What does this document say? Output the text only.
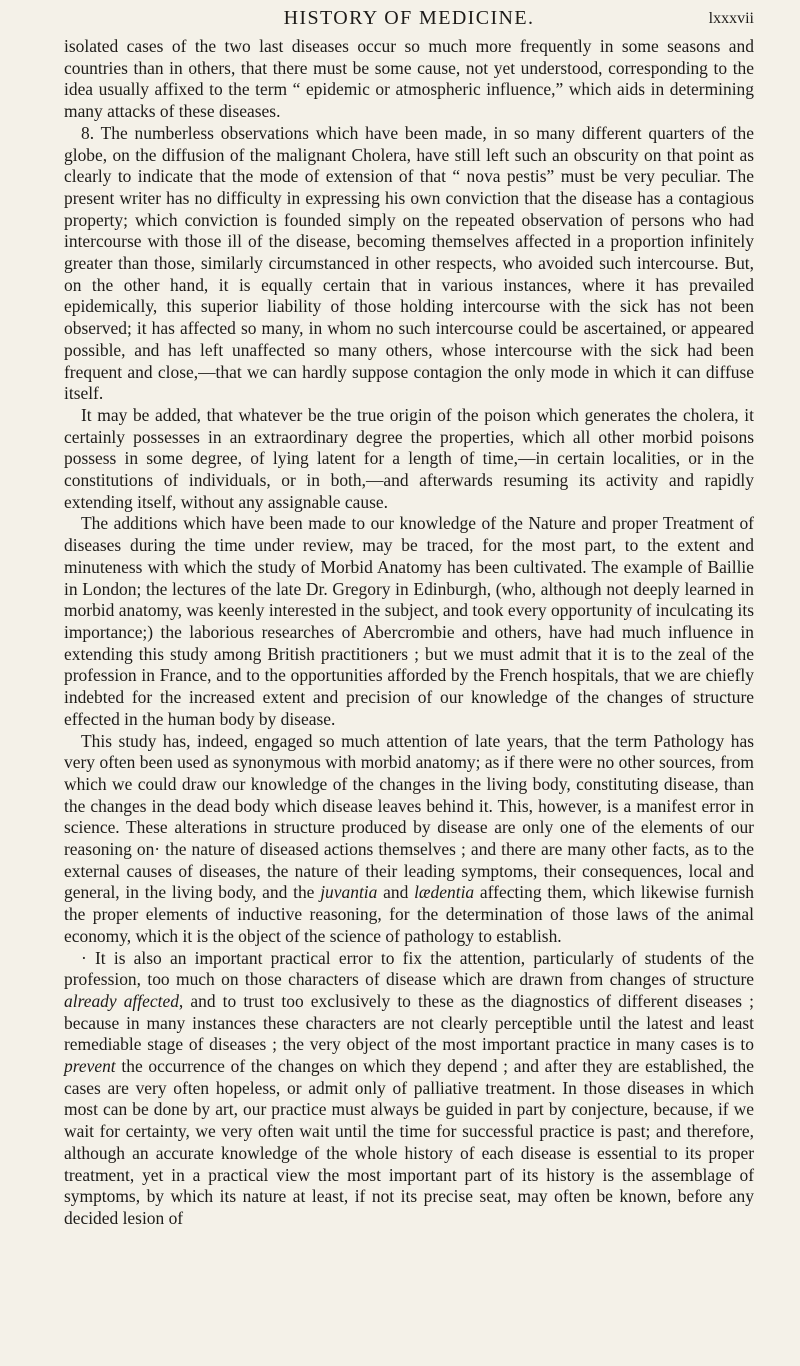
HISTORY OF MEDICINE.	lxxxvii

isolated cases of the two last diseases occur so much more frequently in some seasons and countries than in others, that there must be some cause, not yet understood, corresponding to the idea usually affixed to the term “ epidemic or atmospheric influence,” which aids in determining many attacks of these diseases.

8. The numberless observations which have been made, in so many different quarters of the globe, on the diffusion of the malignant Cholera, have still left such an obscurity on that point as clearly to indicate that the mode of extension of that “ nova pestis” must be very peculiar. The present writer has no difficulty in expressing his own conviction that the disease has a contagious property; which conviction is founded simply on the repeated observation of persons who had intercourse with those ill of the disease, becoming themselves affected in a proportion infinitely greater than those, similarly circumstanced in other respects, who avoided such intercourse. But, on the other hand, it is equally certain that in various instances, where it has prevailed epidemically, this superior liability of those holding intercourse with the sick has not been observed; it has affected so many, in whom no such intercourse could be ascertained, or appeared possible, and has left unaffected so many others, whose intercourse with the sick had been frequent and close,—that we can hardly suppose contagion the only mode in which it can diffuse itself.

It may be added, that whatever be the true origin of the poison which generates the cholera, it certainly possesses in an extraordinary degree the properties, which all other morbid poisons possess in some degree, of lying latent for a length of time,—in certain localities, or in the constitutions of individuals, or in both,—and afterwards resuming its activity and rapidly extending itself, without any assignable cause.

The additions which have been made to our knowledge of the Nature and proper Treatment of diseases during the time under review, may be traced, for the most part, to the extent and minuteness with which the study of Morbid Anatomy has been cultivated. The example of Baillie in London; the lectures of the late Dr. Gregory in Edinburgh, (who, although not deeply learned in morbid anatomy, was keenly interested in the subject, and took every opportunity of inculcating its importance;) the laborious researches of Abercrombie and others, have had much influence in extending this study among British practitioners ; but we must admit that it is to the zeal of the profession in France, and to the opportunities afforded by the French hospitals, that we are chiefly indebted for the increased extent and precision of our knowledge of the changes of structure effected in the human body by disease.

This study has, indeed, engaged so much attention of late years, that the term Pathology has very often been used as synonymous with morbid anatomy; as if there were no other sources, from which we could draw our knowledge of the changes in the living body, constituting disease, than the changes in the dead body which disease leaves behind it. This, however, is a manifest error in science. These alterations in structure produced by disease are only one of the elements of our reasoning on· the nature of diseased actions themselves ; and there are many other facts, as to the external causes of diseases, the nature of their leading symptoms, their consequences, local and general, in the living body, and the juvantia and lædentia affecting them, which likewise furnish the proper elements of inductive reasoning, for the determination of those laws of the animal economy, which it is the object of the science of pathology to establish.

· It is also an important practical error to fix the attention, particularly of students of the profession, too much on those characters of disease which are drawn from changes of structure already affected, and to trust too exclusively to these as the diagnostics of different diseases ; because in many instances these characters are not clearly perceptible until the latest and least remediable stage of diseases ; the very object of the most important practice in many cases is to prevent the occurrence of the changes on which they depend ; and after they are established, the cases are very often hopeless, or admit only of palliative treatment. In those diseases in which most can be done by art, our practice must always be guided in part by conjecture, because, if we wait for certainty, we very often wait until the time for successful practice is past; and therefore, although an accurate knowledge of the whole history of each disease is essential to its proper treatment, yet in a practical view the most important part of its history is the assemblage of symptoms, by which its nature at least, if not its precise seat, may often be known, before any decided lesion of
